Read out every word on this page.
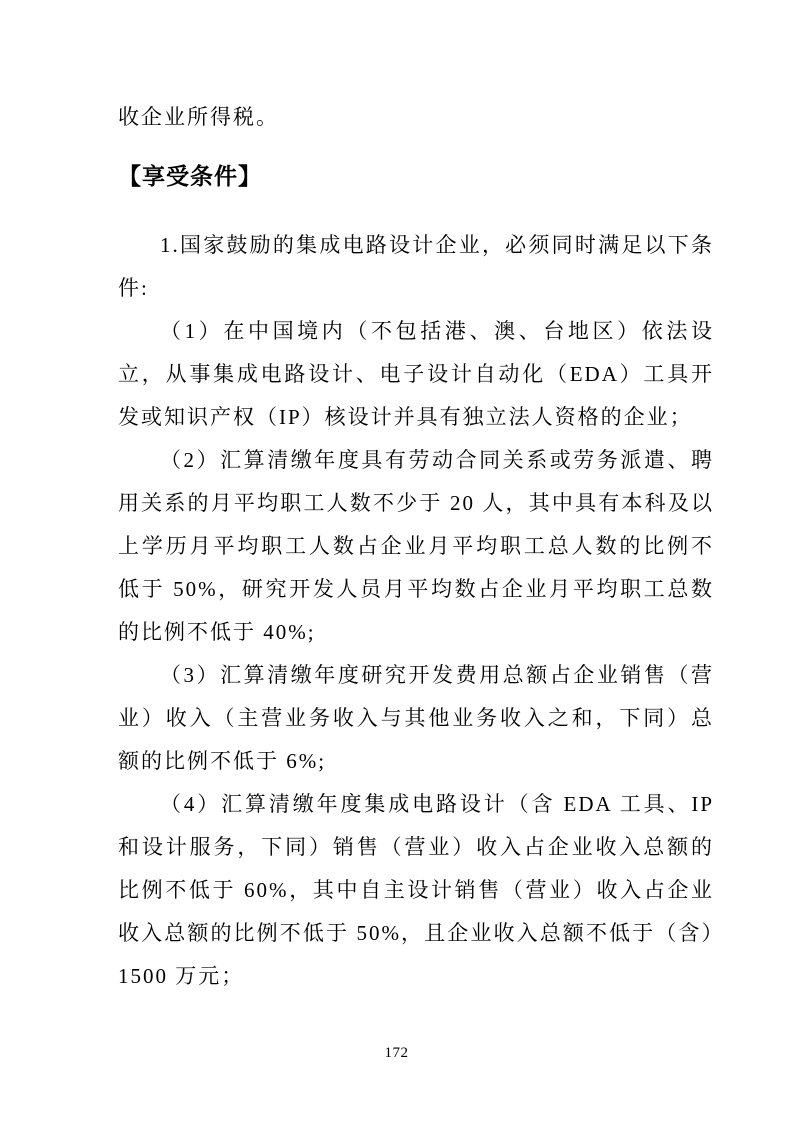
收企业所得税。

【享受条件】

1.国家鼓励的集成电路设计企业，必须同时满足以下条件:

（1）在中国境内（不包括港、澳、台地区）依法设立，从事集成电路设计、电子设计自动化（EDA）工具开发或知识产权（IP）核设计并具有独立法人资格的企业；

（2）汇算清缴年度具有劳动合同关系或劳务派遣、聘用关系的月平均职工人数不少于 20 人，其中具有本科及以上学历月平均职工人数占企业月平均职工总人数的比例不低于 50%，研究开发人员月平均数占企业月平均职工总数的比例不低于 40%;

（3）汇算清缴年度研究开发费用总额占企业销售（营业）收入（主营业务收入与其他业务收入之和，下同）总额的比例不低于 6%;

（4）汇算清缴年度集成电路设计（含 EDA 工具、IP 和设计服务，下同）销售（营业）收入占企业收入总额的比例不低于 60%，其中自主设计销售（营业）收入占企业收入总额的比例不低于 50%，且企业收入总额不低于（含）1500 万元；

172
